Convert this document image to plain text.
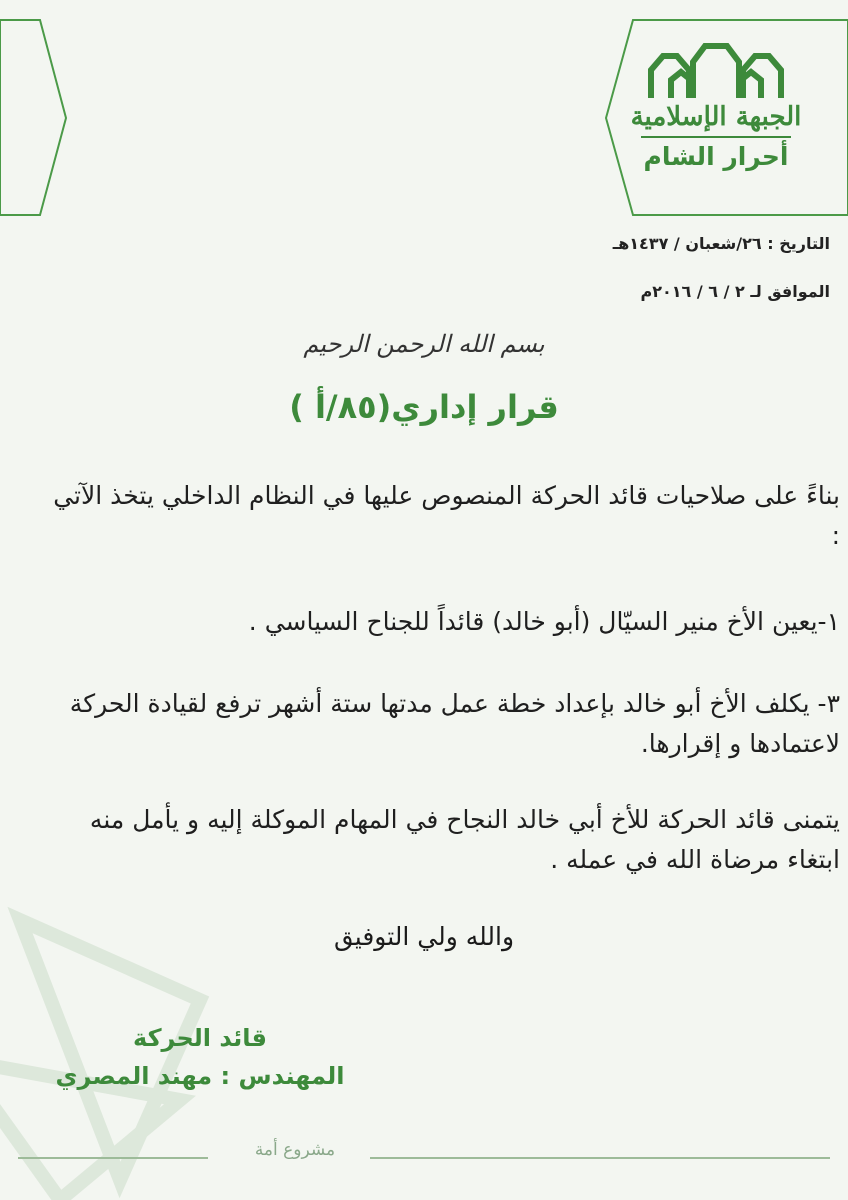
الجبهة الإسلامية
أحرار الشام
التاريخ : ٢٦/شعبان / ١٤٣٧هـ
الموافق لـ ٢ / ٦ / ٢٠١٦م
بسم الله الرحمن الرحيم
قرار إداري(٨٥/أ )
بناءً على صلاحيات قائد الحركة المنصوص عليها في النظام الداخلي يتخذ الآتي :
١-يعين الأخ منير السيّال (أبو خالد) قائداً للجناح السياسي .
٣- يكلف الأخ أبو خالد بإعداد خطة عمل مدتها ستة أشهر ترفع لقيادة الحركة لاعتمادها و إقرارها.
يتمنى قائد الحركة للأخ أبي خالد النجاح في المهام الموكلة إليه و يأمل منه ابتغاء مرضاة الله في عمله .
والله ولي التوفيق
قائد الحركة
المهندس : مهند المصري
مشروع أمة
